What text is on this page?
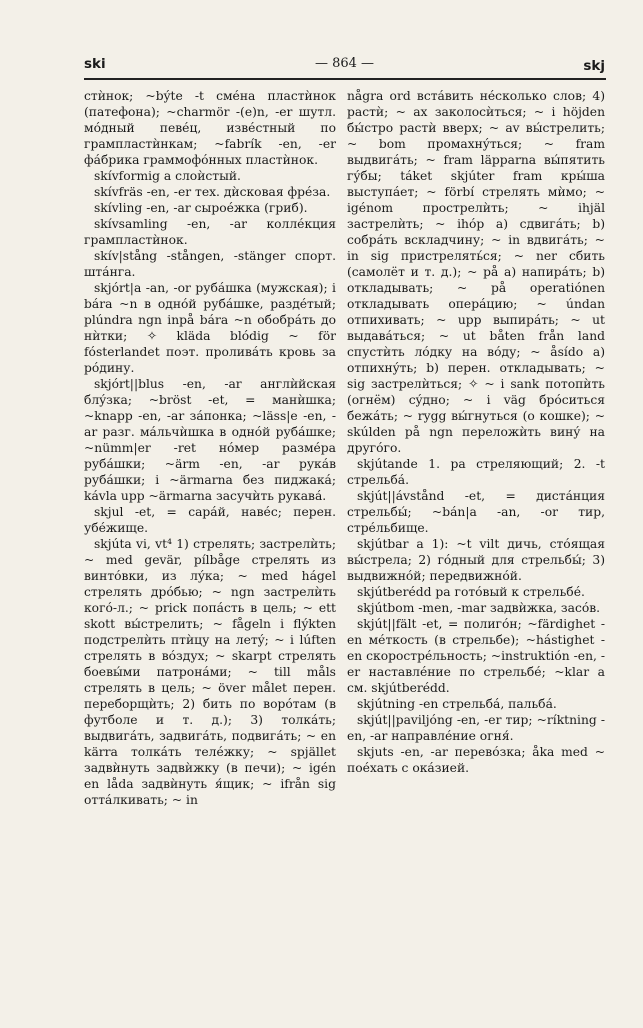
ski	— 864 —	skj
стѝнок; ~býte -t смéна пластѝнок (патефона); ~charmör -(e)n, -er шутл. мóдный певéц, извéстный по грампластѝнкам; ~fabrík -en, -er фáбрика граммофóнных пластѝнок.
skívformig a слоѝстый.
skívfräs -en, -er тех. дѝсковая фрéза.
skívling -en, -ar сыроéжка (гриб).
skívsamling -en, -ar коллéкция грампластѝнок.
skív|stång -stången, -stänger спорт. штáнга.
skjórt|a -an, -or рубáшка (мужская); i bára ~n в однóй рубáшке, раздéтый; plúndra ngn inpå bára ~n обобрáть до нѝтки; ✧ kläda blódig ~ för fósterlandet поэт. проливáть кровь за рóдину.
skjórt||blus -en, -ar англѝйская блýзка; ~bröst -et, = манѝшка; ~knapp -en, -ar зáпонка; ~läss|e -en, -ar разг. мáльчѝшка в однóй рубáшке; ~nümm|er -ret нóмер размéра рубáшки; ~ärm -en, -ar рукáв рубáшки; i ~ärmarna без пиджакá; kávla upp ~ärmarna засучѝть рукавá.
skjul -et, = сарáй, навéс; перен. убéжище.
skjúta vi, vt⁴ 1) стрелять; застрелѝть; ~ med gevär, pílbåge стрелять из винтóвки, из лýка; ~ med hágel стрелять дрóбью; ~ ngn застрелѝть когó-л.; ~ prick попáсть в цель; ~ ett skott вы́стрелить; ~ fågeln i flýkten подстрелѝть птѝцу на летý; ~ i lúften стрелять в вóздух; ~ skarpt стрелять боевы́ми патронáми; ~ till måls стрелять в цель; ~ över målet перен. переборщѝть; 2) бить по ворóтам (в футболе и т. д.); 3) толкáть; выдвигáть, задвигáть, подвигáть; ~ en kärra толкáть телéжку; ~ spjället задвѝнуть задвѝжку (в печи); ~ igén en låda задвѝнуть я́щик; ~ ifrån sig оттáлкивать; ~ in
några ord встáвить нéсколько слов; 4) растѝ; ~ ах заколосѝться; ~ i höjden бы́стро растѝ вверх; ~ av вы́стрелить; ~ bom промахнýться; ~ fram выдвигáть; ~ fram läpparna вы́пятить гýбы; táket skjúter fram кры́ша выступáет; ~ förbí стрелять мѝмо; ~ igénom прострелѝть; ~ ihjäl застрелѝть; ~ ihóp a) сдвигáть; b) собрáть вскладчину; ~ in вдвигáть; ~ in sig пристрелять́ся; ~ ner сбить (самолёт и т. д.); ~ på a) напирáть; b) откладывать; ~ på operatiónen откладывать оперáцию; ~ úndan отпихивать; ~ upp выпирáть; ~ ut выдавáться; ~ ut båten från land спустѝть лóдку на вóду; ~ åsído a) отпихнýть; b) перен. откладывать; ~ sig застрелѝться; ✧ ~ i sank потопѝть (огнём) сýдно; ~ i väg брóситься бежáть; ~ rygg вы́гнуться (о кошке); ~ skúlden på ngn переложѝть винý на другóго.
skjútande 1. pa стреляющий; 2. -t стрельбá.
skjút||ávstånd -et, = дистáнция стрельбы́; ~bán|a -an, -or тир, стрéльбище.
skjútbar a 1): ~t vilt дичь, стóящая вы́стрела; 2) гóдный для стрельбы́; 3) выдвижнóй; передвижнóй.
skjútberédd pa готóвый к стрельбé.
skjútbom -men, -mar задвѝжка, засóв.
skjút||fält -et, = полигóн; ~färdighet -en мéткость (в стрельбе); ~hástighet -en скорострéльность; ~instruktión -en, -er наставлéние по стрельбé; ~klar a см. skjútberédd.
skjútning -en стрельбá, пальбá.
skjút||paviljóng -en, -er тир; ~ríktning -en, -ar направлéние огня́.
skjuts -en, -ar перевóзка; åka med ~ поéхать с окáзией.
